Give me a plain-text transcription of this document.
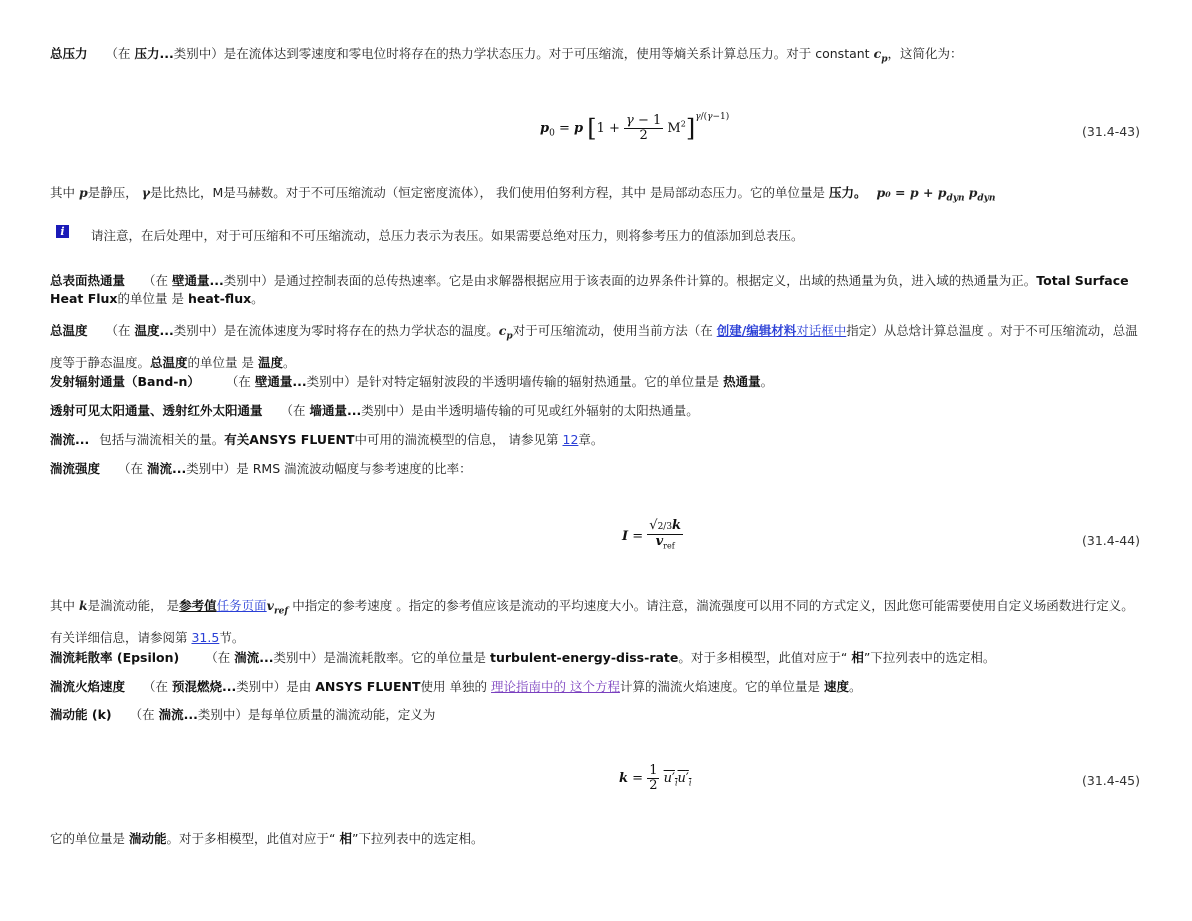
总压力 （在 压力...类别中）是在流体达到零速度和零电位时将存在的热力学状态压力。对于可压缩流，使用等熵关系计算总压力。对于 constant $c_p$，这简化为：
$p_0 = p$ $[1 + \frac{\gamma - 1}{2} M^2]^{\gamma/(\gamma-1)}$
(31.4-43)
其中 p是静压， γ是比热比，M是马赫数。对于不可压缩流动（恒定密度流体）， 我们使用伯努利方程，其中 是局部动态压力。它的单位量是 压力。 $p_0 = p + p_{dyn}$ $p_{dyn}$
i	请注意，在后处理中，对于可压缩和不可压缩流动，总压力表示为表压。如果需要总绝对压力，则将参考压力的值添加到总表压。
总表面热通量 （在 壁通量...类别中）是通过控制表面的总传热速率。它是由求解器根据应用于该表面的边界条件计算的。根据定义，出域的热通量为负，进入域的热通量为正。Total Surface Heat Flux的单位量 是 heat-flux。
总温度 （在 温度...类别中）是在流体速度为零时将存在的热力学状态的温度。$c_p$对于可压缩流动，使用当前方法（在 创建/编辑材料对话框中指定）从总焓计算总温度 。对于不可压缩流动，总温度等于静态温度。总温度的单位量 是 温度。
发射辐射通量（Band-n） （在 壁通量...类别中）是针对特定辐射波段的半透明墙传输的辐射热通量。它的单位量是 热通量。
透射可见太阳通量、透射红外太阳通量 （在 墙通量...类别中）是由半透明墙传输的可见或红外辐射的太阳热通量。
湍流... 包括与湍流相关的量。有关ANSYS FLUENT中可用的湍流模型的信息， 请参见第 12章。
湍流强度 （在 湍流...类别中）是 RMS 湍流波动幅度与参考速度的比率：
$I = \frac{√2/3k}{v_{ref}}$	(31.4-44)
其中 k是湍流动能， 是参考值任务页面$v_{ref}$ 中指定的参考速度 。指定的参考值应该是流动的平均速度大小。请注意，湍流强度可以用不同的方式定义，因此您可能需要使用自定义场函数进行定义。有关详细信息，请参阅第 31.5节。
湍流耗散率 (Epsilon) （在 湍流...类别中）是湍流耗散率。它的单位量是 turbulent-energy-diss-rate。对于多相模型，此值对应于“ 相”下拉列表中的选定相。
湍流火焰速度 （在 预混燃烧...类别中）是由 ANSYS FLUENT使用 单独的 理论指南中的 这个方程计算的湍流火焰速度。它的单位量是 速度。
湍动能 (k) （在 湍流...类别中）是每单位质量的湍流动能，定义为
$k = \frac{1}{2} u'_iu'_i$	(31.4-45)
它的单位量是 湍动能。对于多相模型，此值对应于“ 相”下拉列表中的选定相。
